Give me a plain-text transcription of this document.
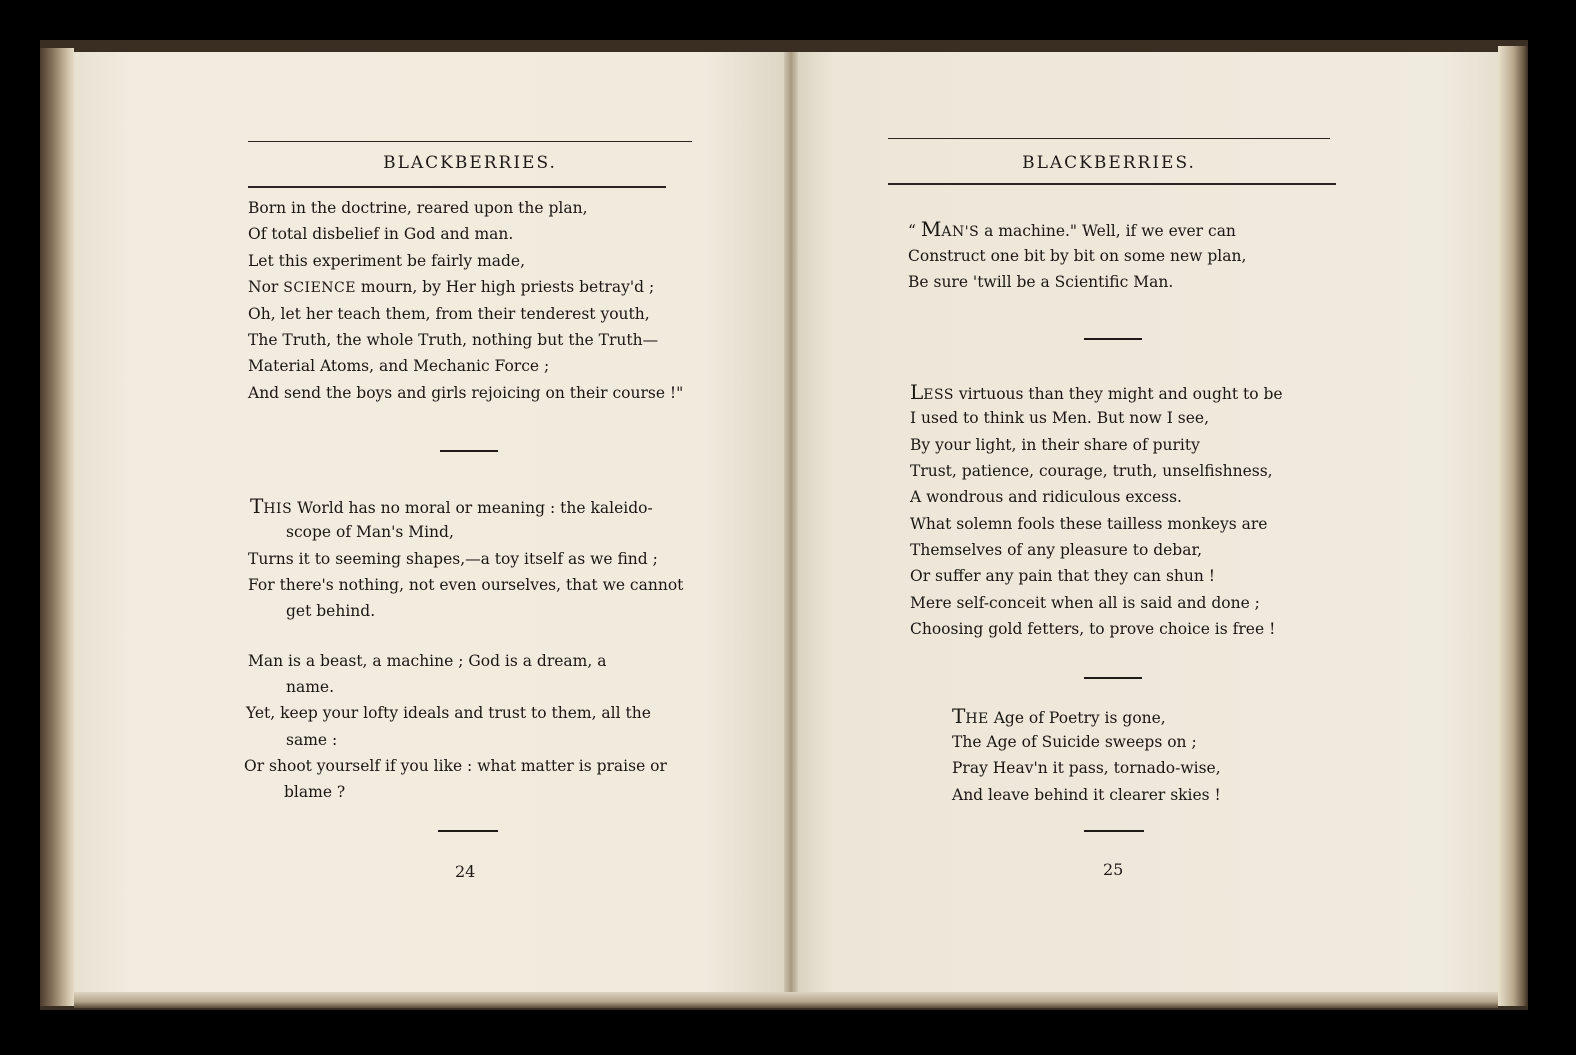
BLACKBERRIES.
Born in the doctrine, reared upon the plan,
Of total disbelief in God and man.
Let this experiment be fairly made,
Nor SCIENCE mourn, by Her high priests betray'd ;
Oh, let her teach them, from their tenderest youth,
The Truth, the whole Truth, nothing but the Truth—
Material Atoms, and Mechanic Force ;
And send the boys and girls rejoicing on their course !"
THIS World has no moral or meaning : the kaleido-
scope of Man's Mind,
Turns it to seeming shapes,—a toy itself as we find ;
For there's nothing, not even ourselves, that we cannot
get behind.
Man is a beast, a machine ; God is a dream, a
name.
Yet, keep your lofty ideals and trust to them, all the
same :
Or shoot yourself if you like : what matter is praise or
blame ?
24
BLACKBERRIES.
“ MAN'S a machine." Well, if we ever can
Construct one bit by bit on some new plan,
Be sure 'twill be a Scientific Man.
LESS virtuous than they might and ought to be
I used to think us Men. But now I see,
By your light, in their share of purity
Trust, patience, courage, truth, unselfishness,
A wondrous and ridiculous excess.
What solemn fools these tailless monkeys are
Themselves of any pleasure to debar,
Or suffer any pain that they can shun !
Mere self-conceit when all is said and done ;
Choosing gold fetters, to prove choice is free !
THE Age of Poetry is gone,
The Age of Suicide sweeps on ;
Pray Heav'n it pass, tornado-wise,
And leave behind it clearer skies !
25
